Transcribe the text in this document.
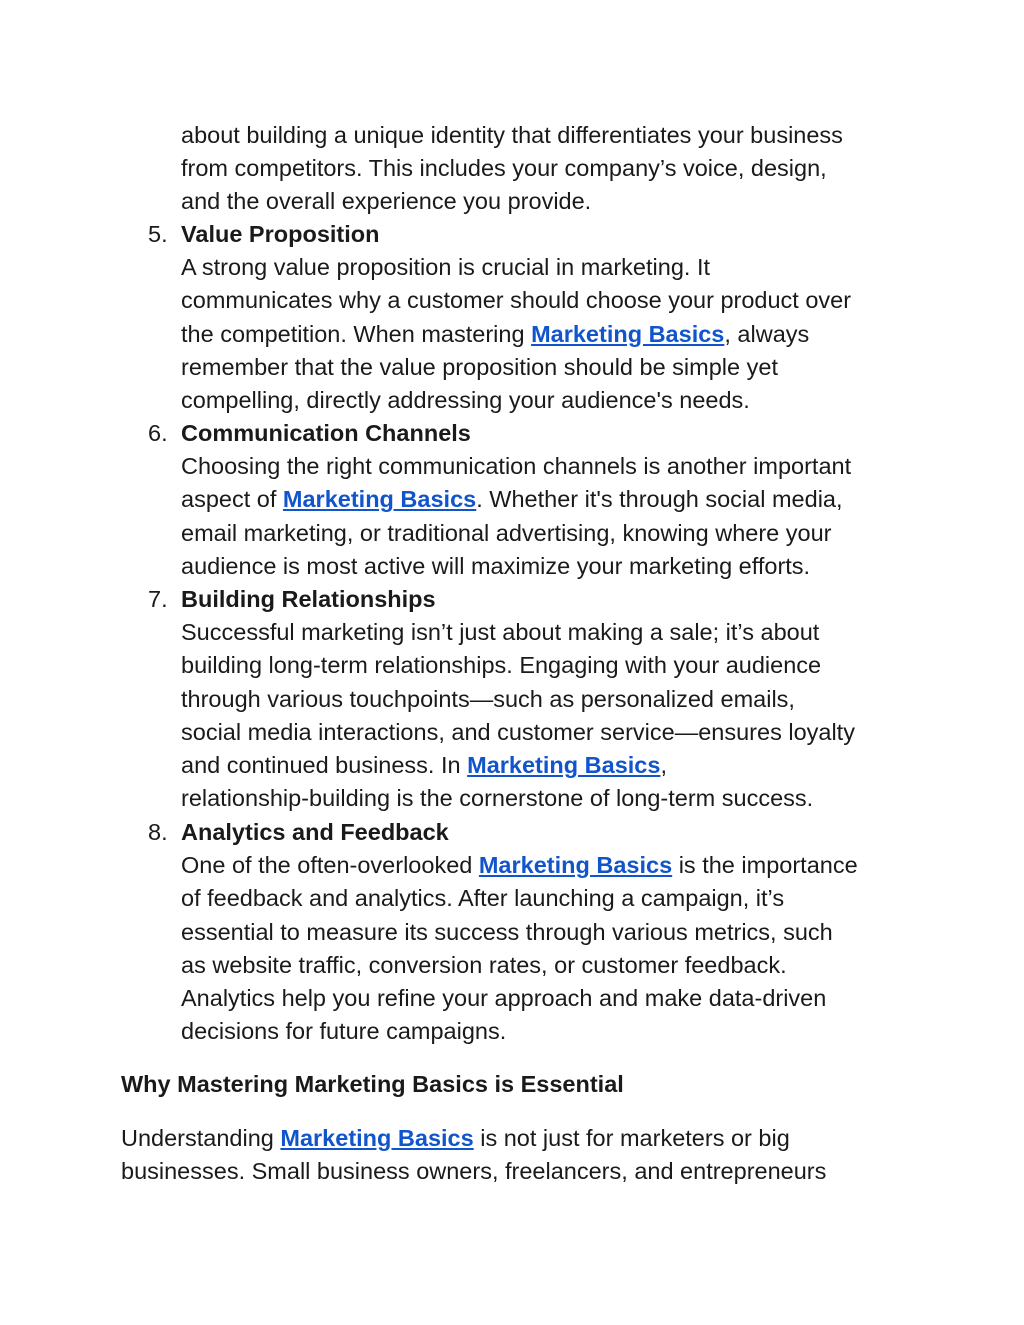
about building a unique identity that differentiates your business
from competitors. This includes your company’s voice, design,
and the overall experience you provide.
5. Value Proposition
A strong value proposition is crucial in marketing. It
communicates why a customer should choose your product over
the competition. When mastering Marketing Basics, always
remember that the value proposition should be simple yet
compelling, directly addressing your audience's needs.
6. Communication Channels
Choosing the right communication channels is another important
aspect of Marketing Basics. Whether it's through social media,
email marketing, or traditional advertising, knowing where your
audience is most active will maximize your marketing efforts.
7. Building Relationships
Successful marketing isn’t just about making a sale; it’s about
building long-term relationships. Engaging with your audience
through various touchpoints—such as personalized emails,
social media interactions, and customer service—ensures loyalty
and continued business. In Marketing Basics,
relationship-building is the cornerstone of long-term success.
8. Analytics and Feedback
One of the often-overlooked Marketing Basics is the importance
of feedback and analytics. After launching a campaign, it’s
essential to measure its success through various metrics, such
as website traffic, conversion rates, or customer feedback.
Analytics help you refine your approach and make data-driven
decisions for future campaigns.
Why Mastering Marketing Basics is Essential
Understanding Marketing Basics is not just for marketers or big
businesses. Small business owners, freelancers, and entrepreneurs
